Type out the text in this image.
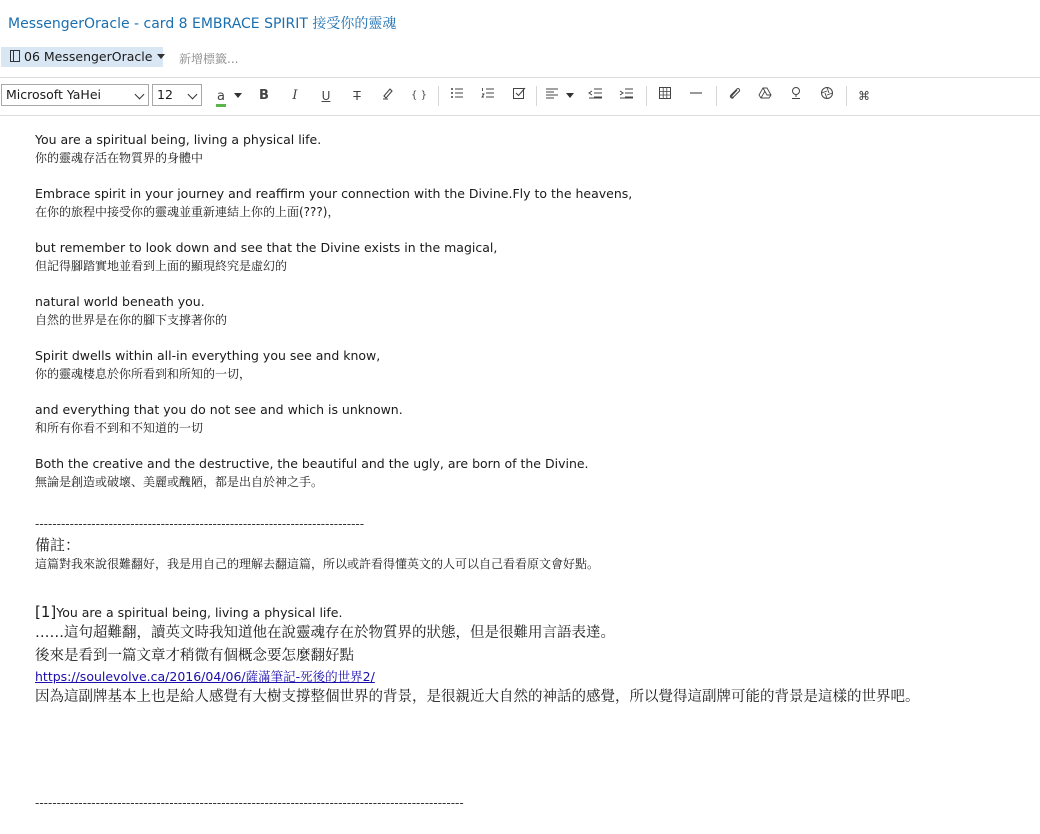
MessengerOracle - card 8 EMBRACE SPIRIT 接受你的靈魂
06 MessengerOracle	新增標籤...
Microsoft YaHei	12	a	B	I	U	T	{ }	⌘
You are a spiritual being, living a physical life.
你的靈魂存活在物質界的身體中
Embrace spirit in your journey and reaffirm your connection with the Divine.Fly to the heavens,
在你的旅程中接受你的靈魂並重新連結上你的上面(???)，
but remember to look down and see that the Divine exists in the magical,
但記得腳踏實地並看到上面的顯現終究是虛幻的
natural world beneath you.
自然的世界是在你的腳下支撐著你的
Spirit dwells within all-in everything you see and know,
你的靈魂棲息於你所看到和所知的一切，
and everything that you do not see and which is unknown.
和所有你看不到和不知道的一切
Both the creative and the destructive, the beautiful and the ugly, are born of the Divine.
無論是創造或破壞、美麗或醜陋，都是出自於神之手。
----------------------------------------------------------------------------
備註：
這篇對我來說很難翻好，我是用自己的理解去翻這篇，所以或許看得懂英文的人可以自己看看原文會好點。
[1]You are a spiritual being, living a physical life.
……這句超難翻，讀英文時我知道他在說靈魂存在於物質界的狀態，但是很難用言語表達。
後來是看到一篇文章才稍微有個概念要怎麼翻好點
https://soulevolve.ca/2016/04/06/薩滿筆記-死後的世界2/
因為這副牌基本上也是給人感覺有大樹支撐整個世界的背景，是很親近大自然的神話的感覺，所以覺得這副牌可能的背景是這樣的世界吧。
---------------------------------------------------------------------------------------------------
